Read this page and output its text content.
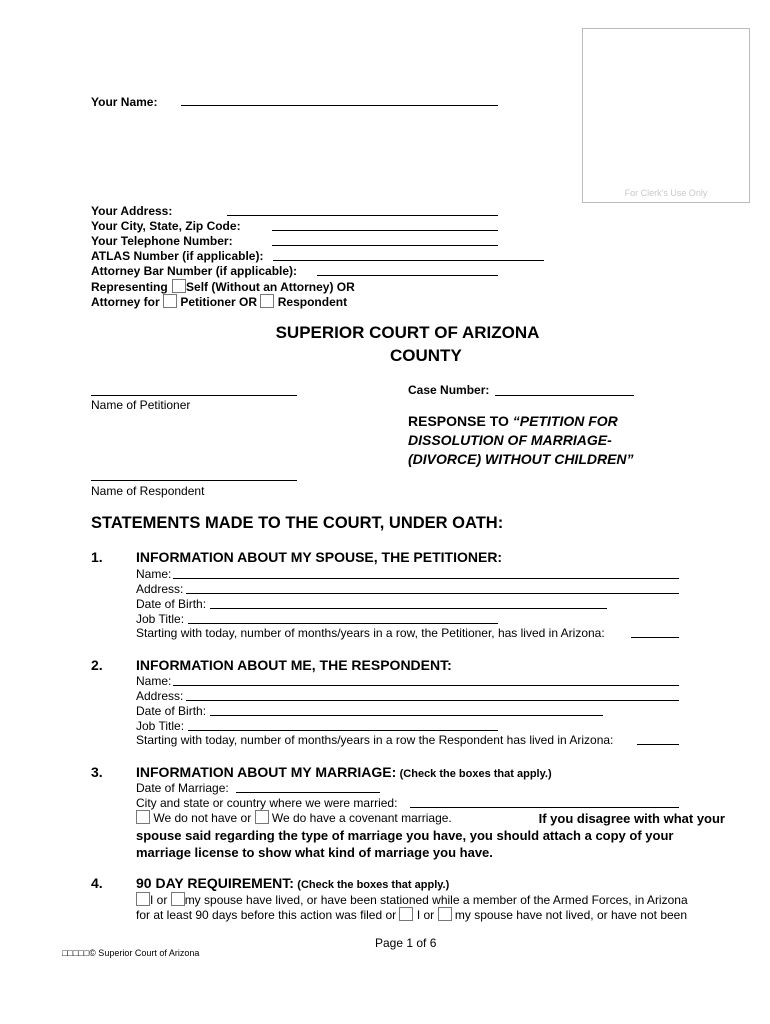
For Clerk's Use Only
Your Name:
Your Address:
Your City, State, Zip Code:
Your Telephone Number:
ATLAS Number (if applicable):
Attorney Bar Number (if applicable):
Representing Self (Without an Attorney) OR
Attorney for Petitioner OR Respondent
SUPERIOR COURT OF ARIZONA
COUNTY
Name of Petitioner
Name of Respondent
Case Number:
RESPONSE TO “PETITION FOR
DISSOLUTION OF MARRIAGE-
(DIVORCE) WITHOUT CHILDREN”
STATEMENTS MADE TO THE COURT, UNDER OATH:
1. INFORMATION ABOUT MY SPOUSE, THE PETITIONER:
Name:
Address:
Date of Birth:
Job Title:
Starting with today, number of months/years in a row, the Petitioner, has lived in Arizona:
2. INFORMATION ABOUT ME, THE RESPONDENT:
Name:
Address:
Date of Birth:
Job Title:
Starting with today, number of months/years in a row the Respondent has lived in Arizona:
3. INFORMATION ABOUT MY MARRIAGE: (Check the boxes that apply.)
Date of Marriage:
City and state or country where we were married:
We do not have or We do have a covenant marriage.	If you disagree with what your
spouse said regarding the type of marriage you have, you should attach a copy of your
marriage license to show what kind of marriage you have.
4. 90 DAY REQUIREMENT: (Check the boxes that apply.)
I or my spouse have lived, or have been stationed while a member of the Armed Forces, in Arizona
for at least 90 days before this action was filed or I or my spouse have not lived, or have not been
Page 1 of 6
□□□□□© Superior Court of Arizona
